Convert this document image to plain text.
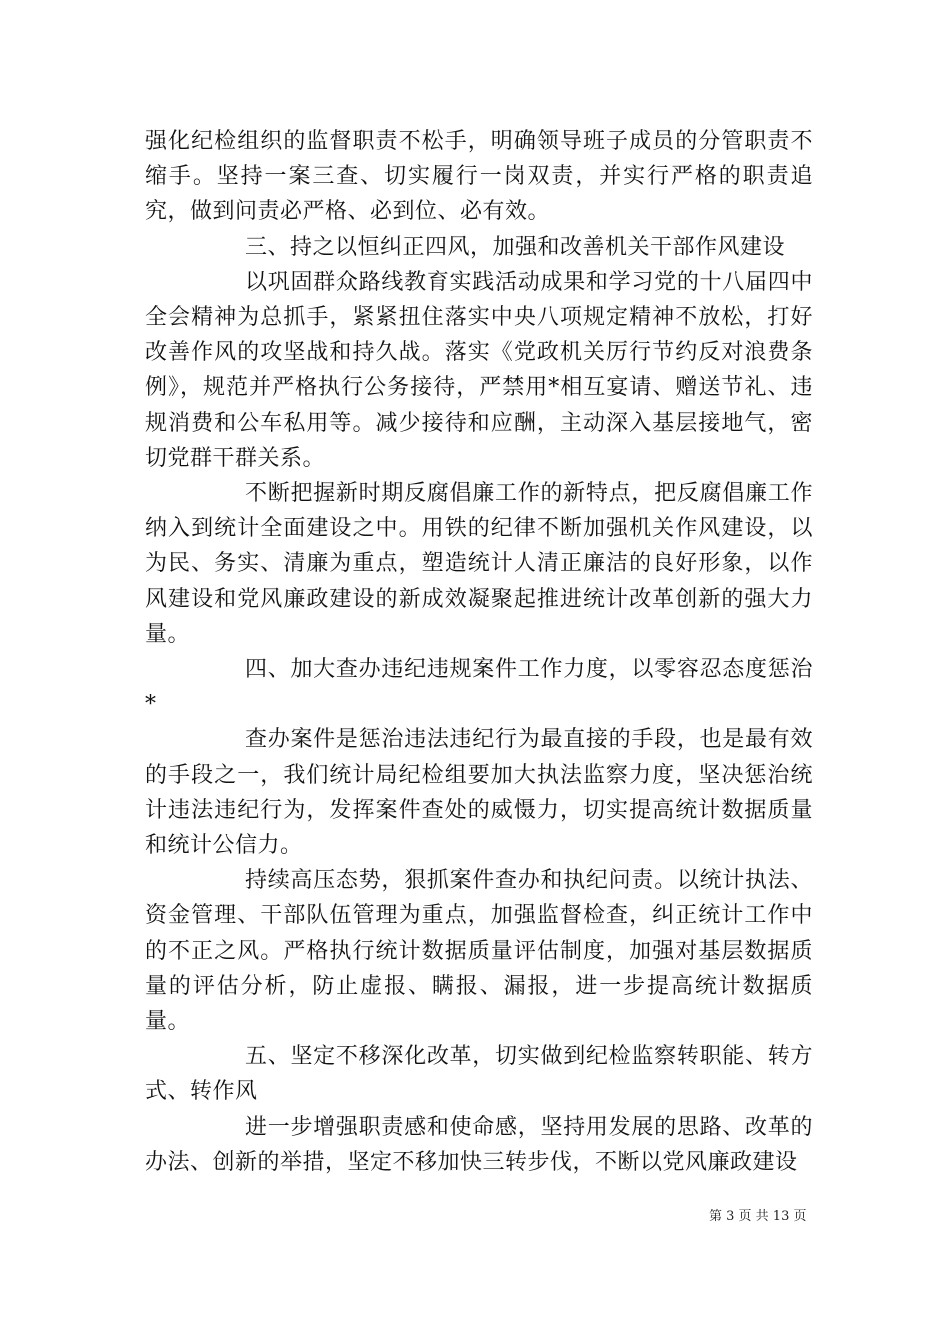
强化纪检组织的监督职责不松手，明确领导班子成员的分管职责不缩手。坚持一案三查、切实履行一岗双责，并实行严格的职责追究，做到问责必严格、必到位、必有效。

三、持之以恒纠正四风，加强和改善机关干部作风建设

以巩固群众路线教育实践活动成果和学习党的十八届四中全会精神为总抓手，紧紧扭住落实中央八项规定精神不放松，打好改善作风的攻坚战和持久战。落实《党政机关厉行节约反对浪费条例》，规范并严格执行公务接待，严禁用*相互宴请、赠送节礼、违规消费和公车私用等。减少接待和应酬，主动深入基层接地气，密切党群干群关系。

不断把握新时期反腐倡廉工作的新特点，把反腐倡廉工作纳入到统计全面建设之中。用铁的纪律不断加强机关作风建设，以为民、务实、清廉为重点，塑造统计人清正廉洁的良好形象，以作风建设和党风廉政建设的新成效凝聚起推进统计改革创新的强大力量。

四、加大查办违纪违规案件工作力度，以零容忍态度惩治*

查办案件是惩治违法违纪行为最直接的手段，也是最有效的手段之一，我们统计局纪检组要加大执法监察力度，坚决惩治统计违法违纪行为，发挥案件查处的威慑力，切实提高统计数据质量和统计公信力。

持续高压态势，狠抓案件查办和执纪问责。以统计执法、资金管理、干部队伍管理为重点，加强监督检查，纠正统计工作中的不正之风。严格执行统计数据质量评估制度，加强对基层数据质量的评估分析，防止虚报、瞒报、漏报，进一步提高统计数据质量。

五、坚定不移深化改革，切实做到纪检监察转职能、转方式、转作风

进一步增强职责感和使命感，坚持用发展的思路、改革的办法、创新的举措，坚定不移加快三转步伐，不断以党风廉政建设

第 3 页 共 13 页
